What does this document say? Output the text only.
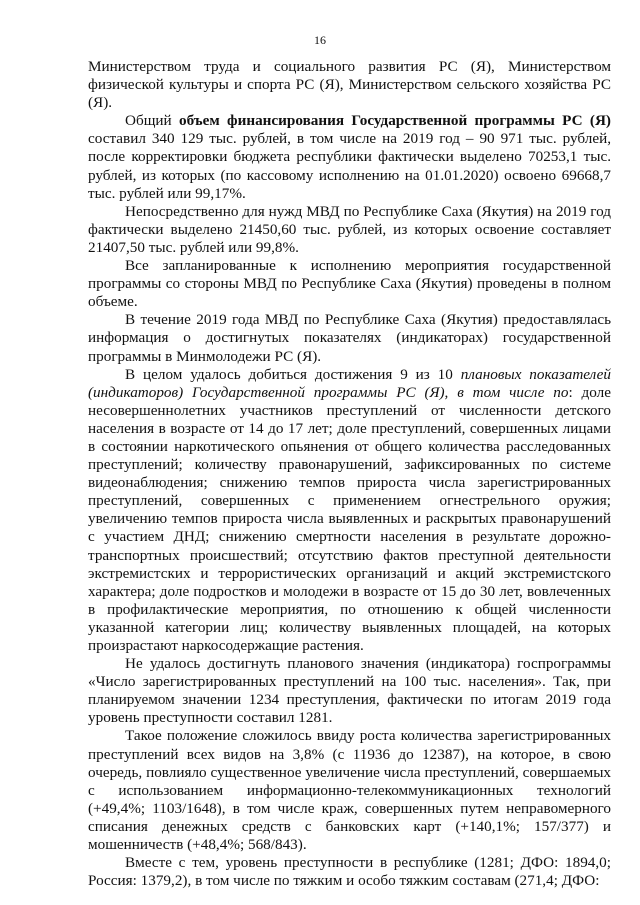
16

Министерством труда и социального развития РС (Я), Министерством физической культуры и спорта РС (Я), Министерством сельского хозяйства РС (Я).

Общий объем финансирования Государственной программы РС (Я) составил 340 129 тыс. рублей, в том числе на 2019 год – 90 971 тыс. рублей, после корректировки бюджета республики фактически выделено 70253,1 тыс. рублей, из которых (по кассовому исполнению на 01.01.2020) освоено 69668,7 тыс. рублей или 99,17%.

Непосредственно для нужд МВД по Республике Саха (Якутия) на 2019 год фактически выделено 21450,60 тыс. рублей, из которых освоение составляет 21407,50 тыс. рублей или 99,8%.

Все запланированные к исполнению мероприятия государственной программы со стороны МВД по Республике Саха (Якутия) проведены в полном объеме.

В течение 2019 года МВД по Республике Саха (Якутия) предоставлялась информация о достигнутых показателях (индикаторах) государственной программы в Минмолодежи РС (Я).

В целом удалось добиться достижения 9 из 10 плановых показателей (индикаторов) Государственной программы РС (Я), в том числе по: доле несовершеннолетних участников преступлений от численности детского населения в возрасте от 14 до 17 лет; доле преступлений, совершенных лицами в состоянии наркотического опьянения от общего количества расследованных преступлений; количеству правонарушений, зафиксированных по системе видеонаблюдения; снижению темпов прироста числа зарегистрированных преступлений, совершенных с применением огнестрельного оружия; увеличению темпов прироста числа выявленных и раскрытых правонарушений с участием ДНД; снижению смертности населения в результате дорожно-транспортных происшествий; отсутствию фактов преступной деятельности экстремистских и террористических организаций и акций экстремистского характера; доле подростков и молодежи в возрасте от 15 до 30 лет, вовлеченных в профилактические мероприятия, по отношению к общей численности указанной категории лиц; количеству выявленных площадей, на которых произрастают наркосодержащие растения.

Не удалось достигнуть планового значения (индикатора) госпрограммы «Число зарегистрированных преступлений на 100 тыс. населения». Так, при планируемом значении 1234 преступления, фактически по итогам 2019 года уровень преступности составил 1281.

Такое положение сложилось ввиду роста количества зарегистрированных преступлений всех видов на 3,8% (с 11936 до 12387), на которое, в свою очередь, повлияло существенное увеличение числа преступлений, совершаемых с использованием информационно-телекоммуникационных технологий (+49,4%; 1103/1648), в том числе краж, совершенных путем неправомерного списания денежных средств с банковских карт (+140,1%; 157/377) и мошенничеств (+48,4%; 568/843).

Вместе с тем, уровень преступности в республике (1281; ДФО: 1894,0; Россия: 1379,2), в том числе по тяжким и особо тяжким составам (271,4; ДФО:
